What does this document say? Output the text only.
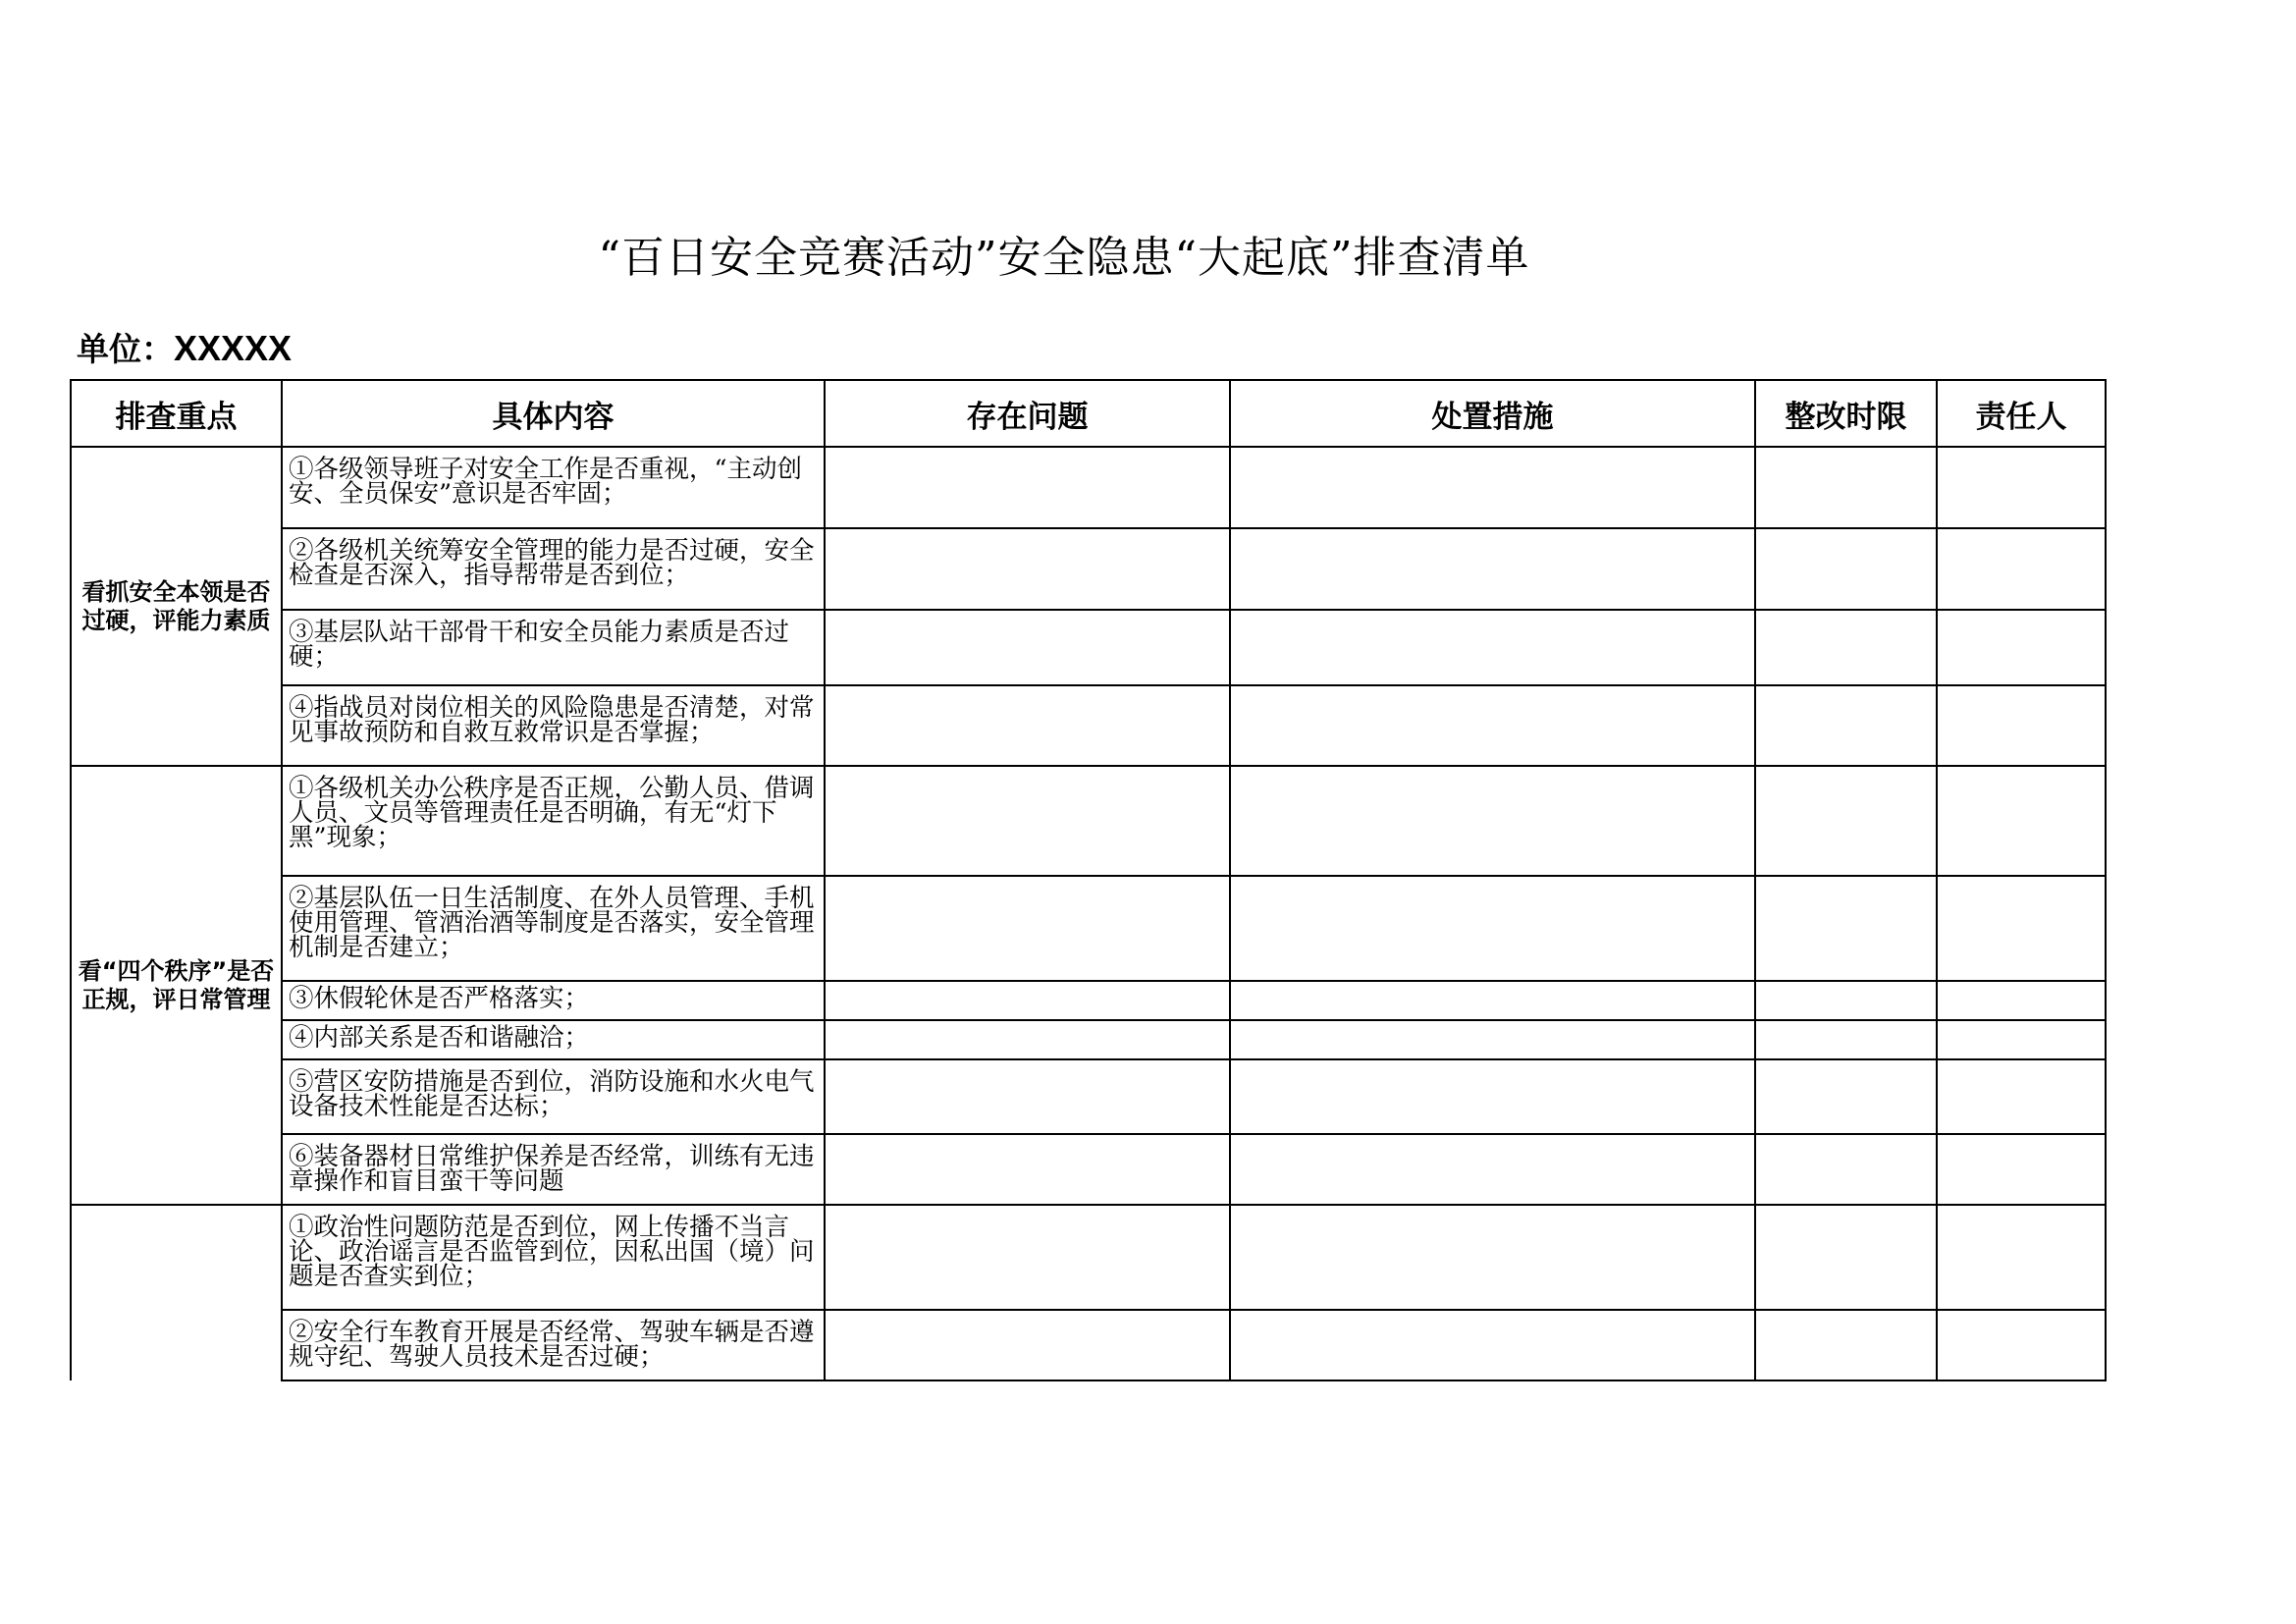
“百日安全竞赛活动”安全隐患“大起底”排查清单
单位：XXXXX
排查重点	具体内容	存在问题	处置措施	整改时限	责任人
看抓安全本领是否过硬，评能力素质	①各级领导班子对安全工作是否重视，“主动创安、全员保安”意识是否牢固；				
	②各级机关统筹安全管理的能力是否过硬，安全检查是否深入，指导帮带是否到位；				
	③基层队站干部骨干和安全员能力素质是否过硬；				
	④指战员对岗位相关的风险隐患是否清楚，对常见事故预防和自救互救常识是否掌握；				
看“四个秩序”是否正规，评日常管理	①各级机关办公秩序是否正规，公勤人员、借调人员、文员等管理责任是否明确，有无“灯下黑”现象；				
	②基层队伍一日生活制度、在外人员管理、手机使用管理、管酒治酒等制度是否落实，安全管理机制是否建立；				
	③休假轮休是否严格落实；				
	④内部关系是否和谐融洽；				
	⑤营区安防措施是否到位，消防设施和水火电气设备技术性能是否达标；				
	⑥装备器材日常维护保养是否经常，训练有无违章操作和盲目蛮干等问题				
	①政治性问题防范是否到位，网上传播不当言论、政治谣言是否监管到位，因私出国（境）问题是否查实到位；				
	②安全行车教育开展是否经常、驾驶车辆是否遵规守纪、驾驶人员技术是否过硬；				
